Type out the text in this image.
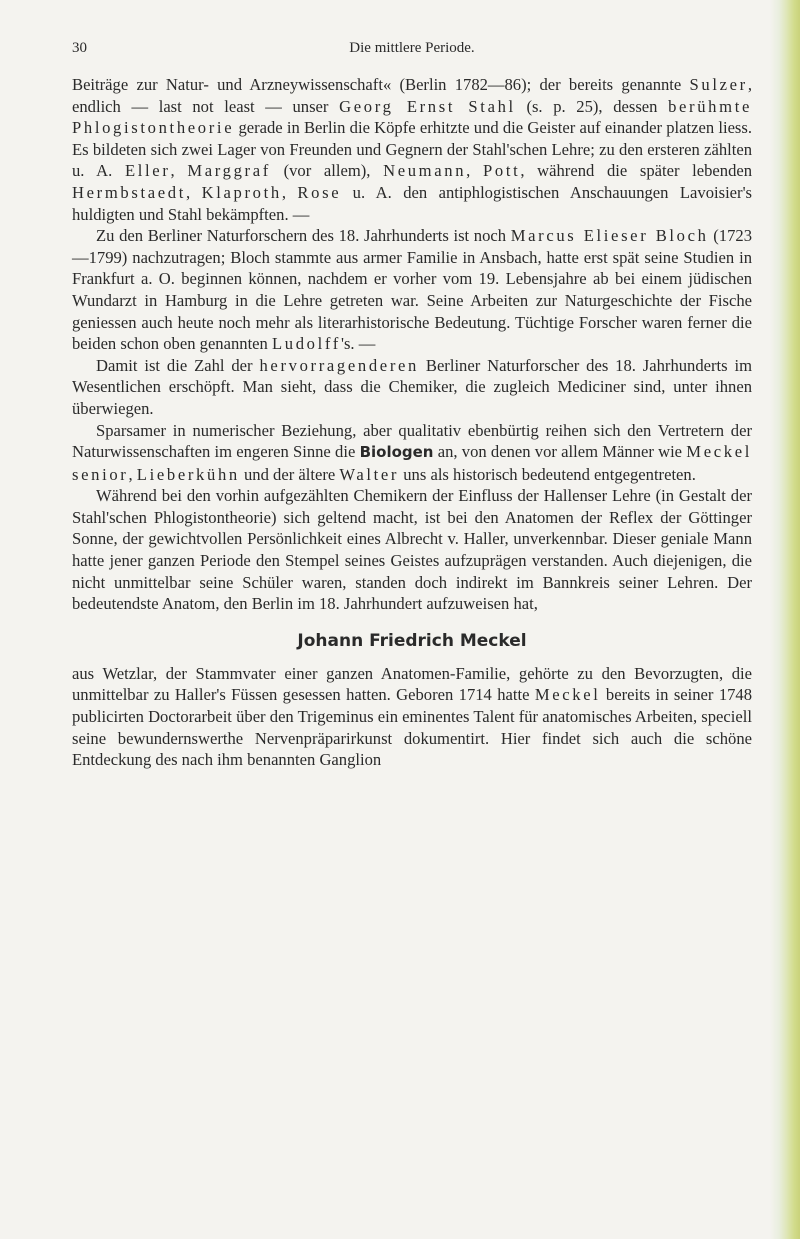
30	Die mittlere Periode.

Beiträge zur Natur- und Arzneywissenschaft« (Berlin 1782—86); der bereits genannte Sulzer, endlich — last not least — unser Georg Ernst Stahl (s. p. 25), dessen berühmte Phlogistontheorie gerade in Berlin die Köpfe erhitzte und die Geister auf einander platzen liess. Es bildeten sich zwei Lager von Freunden und Gegnern der Stahl'schen Lehre; zu den ersteren zählten u. A. Eller, Marggraf (vor allem), Neumann, Pott, während die später lebenden Hermbstaedt, Klaproth, Rose u. A. den antiphlogistischen Anschauungen Lavoisier's huldigten und Stahl bekämpften. —

Zu den Berliner Naturforschern des 18. Jahrhunderts ist noch Marcus Elieser Bloch (1723—1799) nachzutragen; Bloch stammte aus armer Familie in Ansbach, hatte erst spät seine Studien in Frankfurt a. O. beginnen können, nachdem er vorher vom 19. Lebensjahre ab bei einem jüdischen Wundarzt in Hamburg in die Lehre getreten war. Seine Arbeiten zur Naturgeschichte der Fische geniessen auch heute noch mehr als literarhistorische Bedeutung. Tüchtige Forscher waren ferner die beiden schon oben genannten Ludolff's. —

Damit ist die Zahl der hervorragenderen Berliner Naturforscher des 18. Jahrhunderts im Wesentlichen erschöpft. Man sieht, dass die Chemiker, die zugleich Mediciner sind, unter ihnen überwiegen.

Sparsamer in numerischer Beziehung, aber qualitativ ebenbürtig reihen sich den Vertretern der Naturwissenschaften im engeren Sinne die Biologen an, von denen vor allem Männer wie Meckel senior, Lieberkühn und der ältere Walter uns als historisch bedeutend entgegentreten.

Während bei den vorhin aufgezählten Chemikern der Einfluss der Hallenser Lehre (in Gestalt der Stahl'schen Phlogistontheorie) sich geltend macht, ist bei den Anatomen der Reflex der Göttinger Sonne, der gewichtvollen Persönlichkeit eines Albrecht v. Haller, unverkennbar. Dieser geniale Mann hatte jener ganzen Periode den Stempel seines Geistes aufzuprägen verstanden. Auch diejenigen, die nicht unmittelbar seine Schüler waren, standen doch indirekt im Bannkreis seiner Lehren. Der bedeutendste Anatom, den Berlin im 18. Jahrhundert aufzuweisen hat,

Johann Friedrich Meckel

aus Wetzlar, der Stammvater einer ganzen Anatomen-Familie, gehörte zu den Bevorzugten, die unmittelbar zu Haller's Füssen gesessen hatten. Geboren 1714 hatte Meckel bereits in seiner 1748 publicirten Doctorarbeit über den Trigeminus ein eminentes Talent für anatomisches Arbeiten, speciell seine bewundernswerthe Nervenpräparirkunst dokumentirt. Hier findet sich auch die schöne Entdeckung des nach ihm benannten Ganglion
